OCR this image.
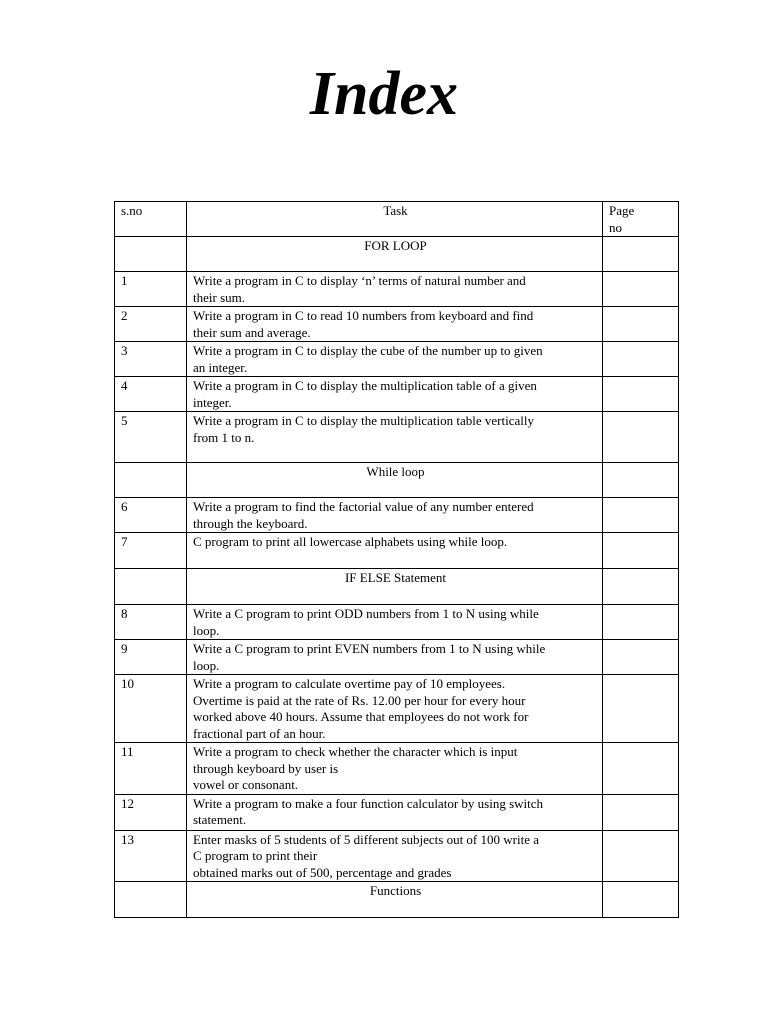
Index
s.no	Task	Page
no

	FOR LOOP	
1	Write a program in C to display ‘n’ terms of natural number and
their sum.	

2	Write a program in C to read 10 numbers from keyboard and find
their sum and average.	

3	Write a program in C to display the cube of the number up to given
an integer.	

4	Write a program in C to display the multiplication table of a given
integer.	

5	Write a program in C to display the multiplication table vertically
from 1 to n.	

	While loop	
6	Write a program to find the factorial value of any number entered
through the keyboard.	

7	C program to print all lowercase alphabets using while loop.	

	IF ELSE Statement	
8	Write a C program to print ODD numbers from 1 to N using while
loop.	

9	Write a C program to print EVEN numbers from 1 to N using while
loop.	

10	Write a program to calculate overtime pay of 10 employees.
Overtime is paid at the rate of Rs. 12.00 per hour for every hour
worked above 40 hours. Assume that employees do not work for
fractional part of an hour.	

11	Write a program to check whether the character which is input
through keyboard by user is
vowel or consonant.	

12	Write a program to make a four function calculator by using switch
statement.	

13	Enter masks of 5 students of 5 different subjects out of 100 write a
C program to print their
obtained marks out of 500, percentage and grades	

	Functions	
